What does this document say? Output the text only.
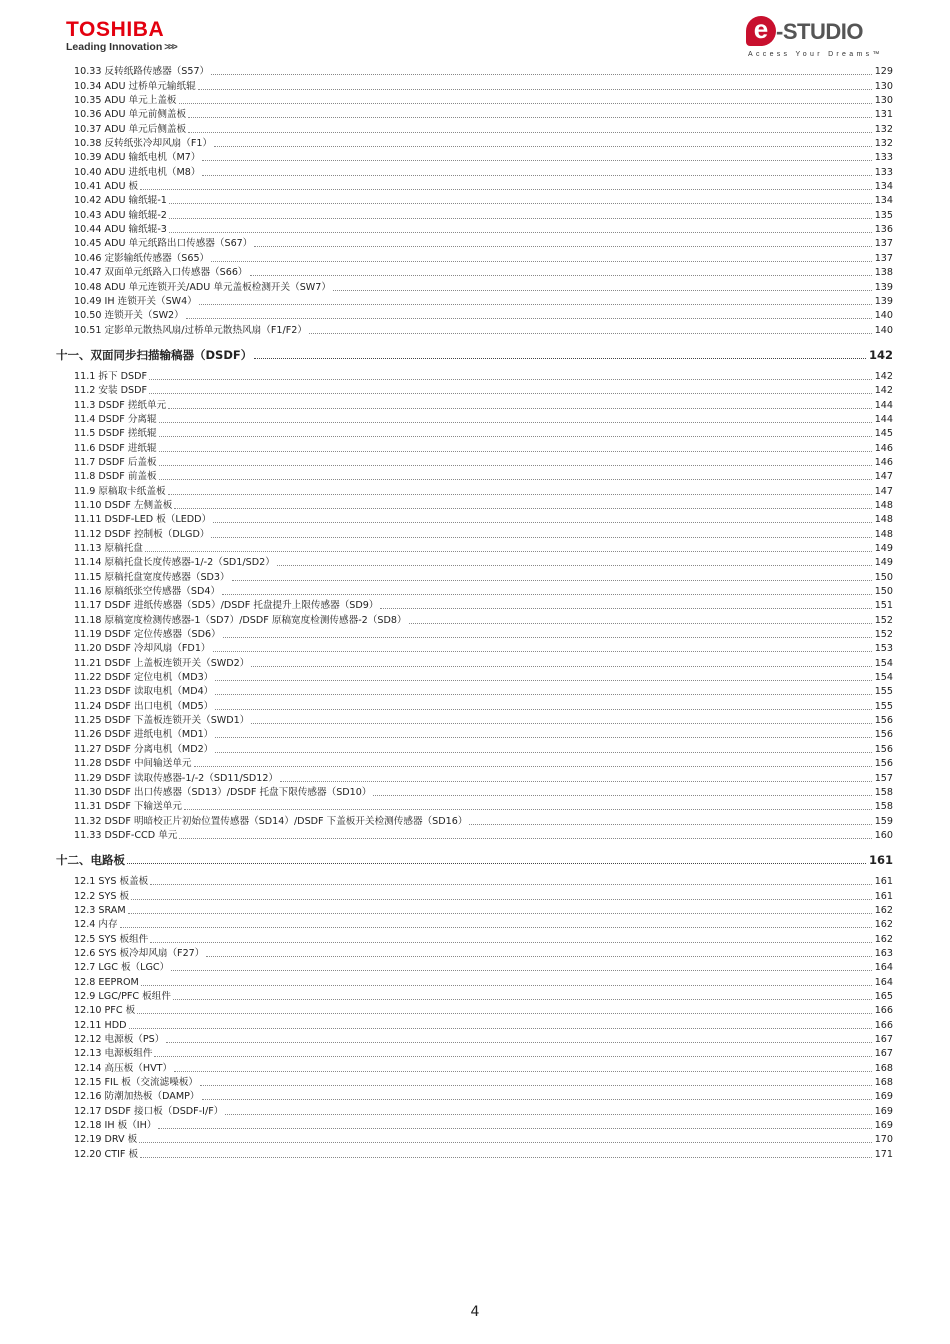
TOSHIBA
Leading Innovation >>>
e -STUDIO
Access Your Dreams™
10.33 反转纸路传感器（S57）	129
10.34 ADU 过桥单元输纸辊	130
10.35 ADU 单元上盖板	130
10.36 ADU 单元前侧盖板	131
10.37 ADU 单元后侧盖板	132
10.38 反转纸张冷却风扇（F1）	132
10.39 ADU 输纸电机（M7）	133
10.40 ADU 进纸电机（M8）	133
10.41 ADU 板	134
10.42 ADU 输纸辊-1	134
10.43 ADU 输纸辊-2	135
10.44 ADU 输纸辊-3	136
10.45 ADU 单元纸路出口传感器（S67）	137
10.46 定影输纸传感器（S65）	137
10.47 双面单元纸路入口传感器（S66）	138
10.48 ADU 单元连锁开关/ADU 单元盖板检测开关（SW7）	139
10.49 IH 连锁开关（SW4）	139
10.50 连锁开关（SW2）	140
10.51 定影单元散热风扇/过桥单元散热风扇（F1/F2）	140
十一、双面同步扫描输稿器（DSDF）	142
11.1 拆下 DSDF	142
11.2 安装 DSDF	142
11.3 DSDF 搓纸单元	144
11.4 DSDF 分离辊	144
11.5 DSDF 搓纸辊	145
11.6 DSDF 进纸辊	146
11.7 DSDF 后盖板	146
11.8 DSDF 前盖板	147
11.9 原稿取卡纸盖板	147
11.10 DSDF 左侧盖板	148
11.11 DSDF-LED 板（LEDD）	148
11.12 DSDF 控制板（DLGD）	148
11.13 原稿托盘	149
11.14 原稿托盘长度传感器-1/-2（SD1/SD2）	149
11.15 原稿托盘宽度传感器（SD3）	150
11.16 原稿纸张空传感器（SD4）	150
11.17 DSDF 进纸传感器（SD5）/DSDF 托盘提升上限传感器（SD9）	151
11.18 原稿宽度检测传感器-1（SD7）/DSDF 原稿宽度检测传感器-2（SD8）	152
11.19 DSDF 定位传感器（SD6）	152
11.20 DSDF 冷却风扇（FD1）	153
11.21 DSDF 上盖板连锁开关（SWD2）	154
11.22 DSDF 定位电机（MD3）	154
11.23 DSDF 读取电机（MD4）	155
11.24 DSDF 出口电机（MD5）	155
11.25 DSDF 下盖板连锁开关（SWD1）	156
11.26 DSDF 进纸电机（MD1）	156
11.27 DSDF 分离电机（MD2）	156
11.28 DSDF 中间输送单元	156
11.29 DSDF 读取传感器-1/-2（SD11/SD12）	157
11.30 DSDF 出口传感器（SD13）/DSDF 托盘下限传感器（SD10）	158
11.31 DSDF 下输送单元	158
11.32 DSDF 明暗校正片初始位置传感器（SD14）/DSDF 下盖板开关检测传感器（SD16）	159
11.33 DSDF-CCD 单元	160
十二、电路板	161
12.1 SYS 板盖板	161
12.2 SYS 板	161
12.3 SRAM	162
12.4 内存	162
12.5 SYS 板组件	162
12.6 SYS 板冷却风扇（F27）	163
12.7 LGC 板（LGC）	164
12.8 EEPROM	164
12.9 LGC/PFC 板组件	165
12.10 PFC 板	166
12.11 HDD	166
12.12 电源板（PS）	167
12.13 电源板组件	167
12.14 高压板（HVT）	168
12.15 FIL 板（交流滤噪板）	168
12.16 防潮加热板（DAMP）	169
12.17 DSDF 接口板（DSDF-I/F）	169
12.18 IH 板（IH）	169
12.19 DRV 板	170
12.20 CTIF 板	171
4
